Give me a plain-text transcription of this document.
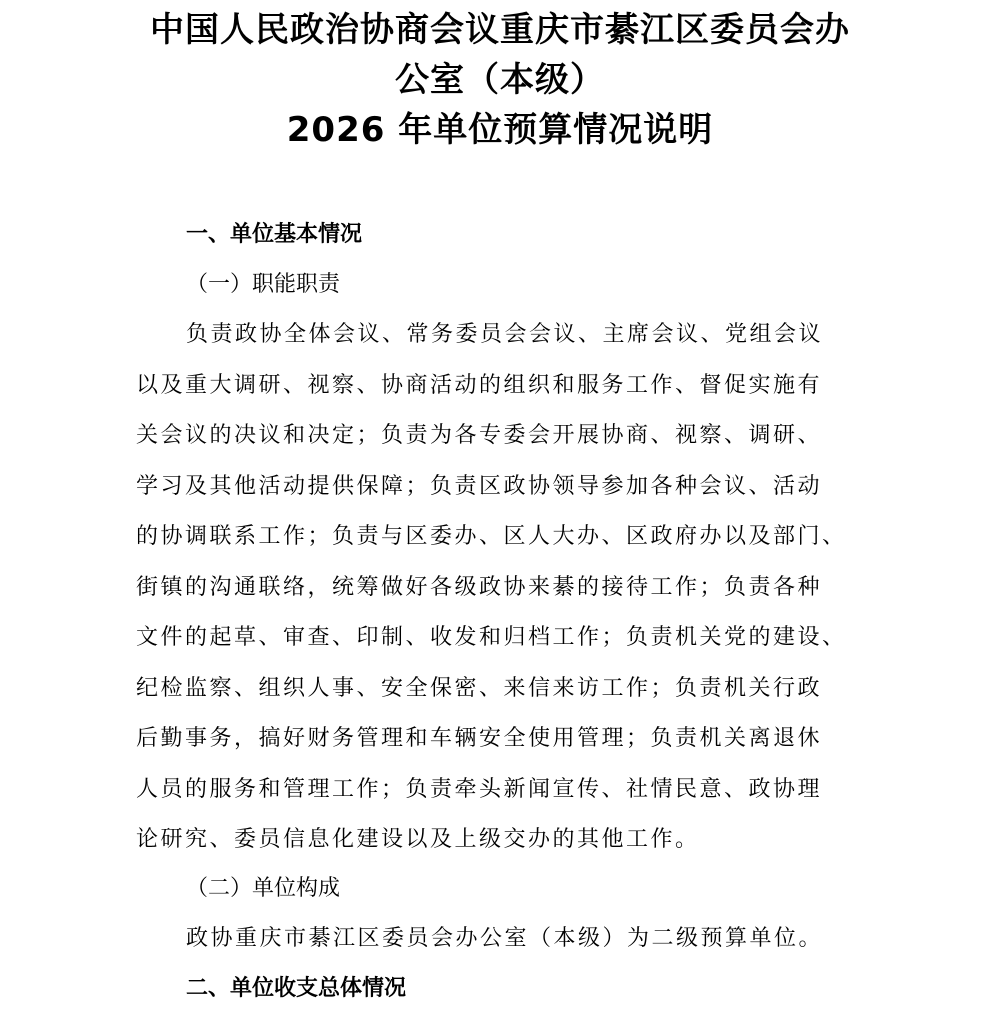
中国人民政治协商会议重庆市綦江区委员会办
公室（本级）
2026 年单位预算情况说明
一、单位基本情况
（一）职能职责
负责政协全体会议、常务委员会会议、主席会议、党组会议
以及重大调研、视察、协商活动的组织和服务工作、督促实施有
关会议的决议和决定；负责为各专委会开展协商、视察、调研、
学习及其他活动提供保障；负责区政协领导参加各种会议、活动
的协调联系工作；负责与区委办、区人大办、区政府办以及部门、
街镇的沟通联络，统筹做好各级政协来綦的接待工作；负责各种
文件的起草、审查、印制、收发和归档工作；负责机关党的建设、
纪检监察、组织人事、安全保密、来信来访工作；负责机关行政
后勤事务，搞好财务管理和车辆安全使用管理；负责机关离退休
人员的服务和管理工作；负责牵头新闻宣传、社情民意、政协理
论研究、委员信息化建设以及上级交办的其他工作。
（二）单位构成
政协重庆市綦江区委员会办公室（本级）为二级预算单位。
二、单位收支总体情况
